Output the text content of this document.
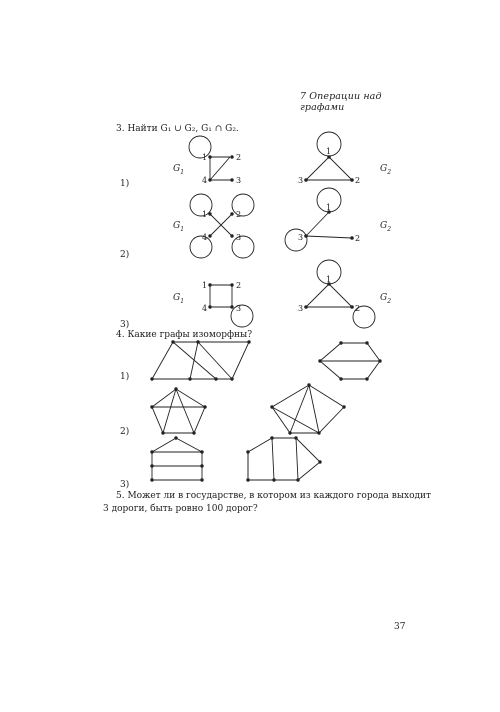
7 Операции над графами
3. Найти G₁ ∪ G₂, G₁ ∩ G₂.
1)
2)
3)
$G_1$	$G_2$
$G_1$	$G_2$
$G_1$	$G_2$
4. Какие графы изоморфны?
1)
2)
3)
5. Может ли в государстве, в котором из каждого города выходит
3 дороги, быть ровно 100 дорог?
37
1	2
3
4
1
3	2
1	2
3
4
1
3	2
1	2
3
4
1
3	2
